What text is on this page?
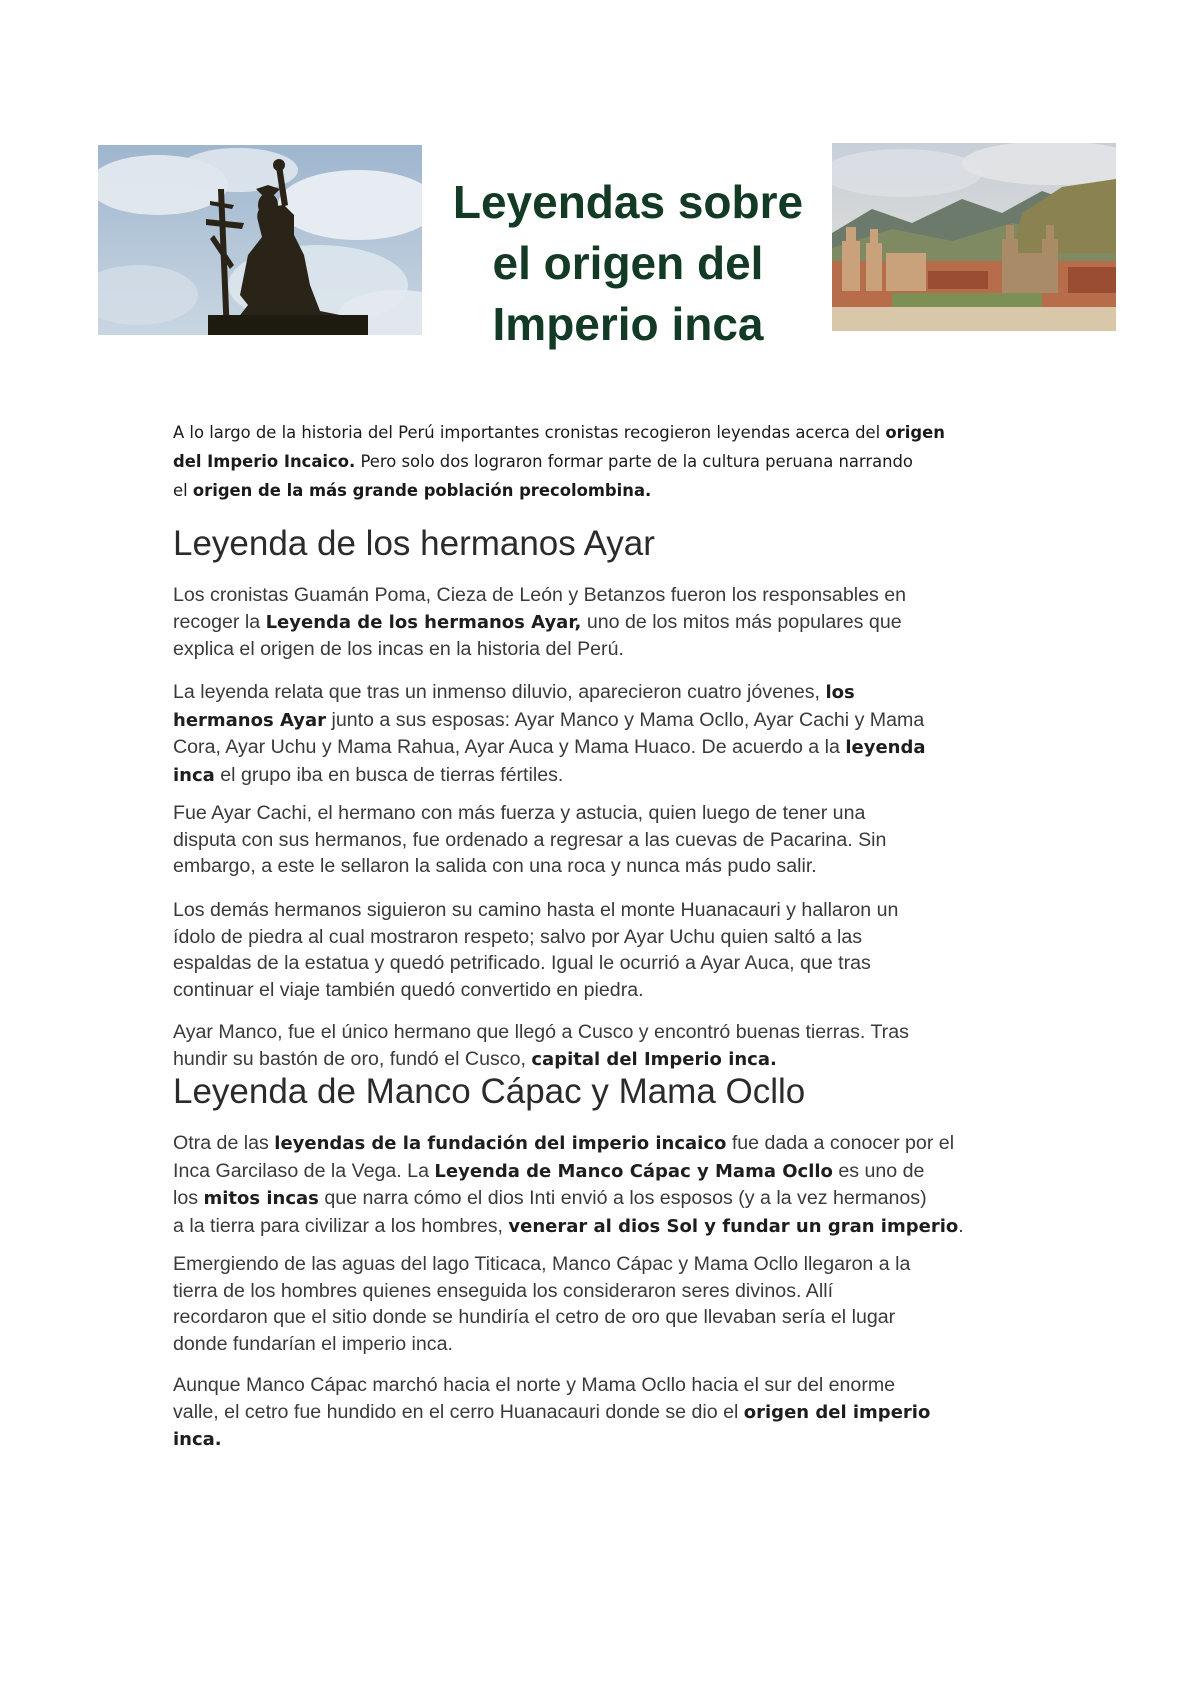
Leyendas sobre
el origen del
Imperio inca
A lo largo de la historia del Perú importantes cronistas recogieron leyendas acerca del origen
del Imperio Incaico. Pero solo dos lograron formar parte de la cultura peruana narrando
el origen de la más grande población precolombina.
Leyenda de los hermanos Ayar

Los cronistas Guamán Poma, Cieza de León y Betanzos fueron los responsables en
recoger la Leyenda de los hermanos Ayar, uno de los mitos más populares que
explica el origen de los incas en la historia del Perú.

La leyenda relata que tras un inmenso diluvio, aparecieron cuatro jóvenes, los
hermanos Ayar junto a sus esposas: Ayar Manco y Mama Ocllo, Ayar Cachi y Mama
Cora, Ayar Uchu y Mama Rahua, Ayar Auca y Mama Huaco. De acuerdo a la leyenda
inca el grupo iba en busca de tierras fértiles.

Fue Ayar Cachi, el hermano con más fuerza y astucia, quien luego de tener una
disputa con sus hermanos, fue ordenado a regresar a las cuevas de Pacarina. Sin
embargo, a este le sellaron la salida con una roca y nunca más pudo salir.

Los demás hermanos siguieron su camino hasta el monte Huanacauri y hallaron un
ídolo de piedra al cual mostraron respeto; salvo por Ayar Uchu quien saltó a las
espaldas de la estatua y quedó petrificado. Igual le ocurrió a Ayar Auca, que tras
continuar el viaje también quedó convertido en piedra.

Ayar Manco, fue el único hermano que llegó a Cusco y encontró buenas tierras. Tras
hundir su bastón de oro, fundó el Cusco, capital del Imperio inca.

Leyenda de Manco Cápac y Mama Ocllo

Otra de las leyendas de la fundación del imperio incaico fue dada a conocer por el
Inca Garcilaso de la Vega. La Leyenda de Manco Cápac y Mama Ocllo es uno de
los mitos incas que narra cómo el dios Inti envió a los esposos (y a la vez hermanos)
a la tierra para civilizar a los hombres, venerar al dios Sol y fundar un gran imperio.

Emergiendo de las aguas del lago Titicaca, Manco Cápac y Mama Ocllo llegaron a la
tierra de los hombres quienes enseguida los consideraron seres divinos. Allí
recordaron que el sitio donde se hundiría el cetro de oro que llevaban sería el lugar
donde fundarían el imperio inca.

Aunque Manco Cápac marchó hacia el norte y Mama Ocllo hacia el sur del enorme
valle, el cetro fue hundido en el cerro Huanacauri donde se dio el origen del imperio
inca.
